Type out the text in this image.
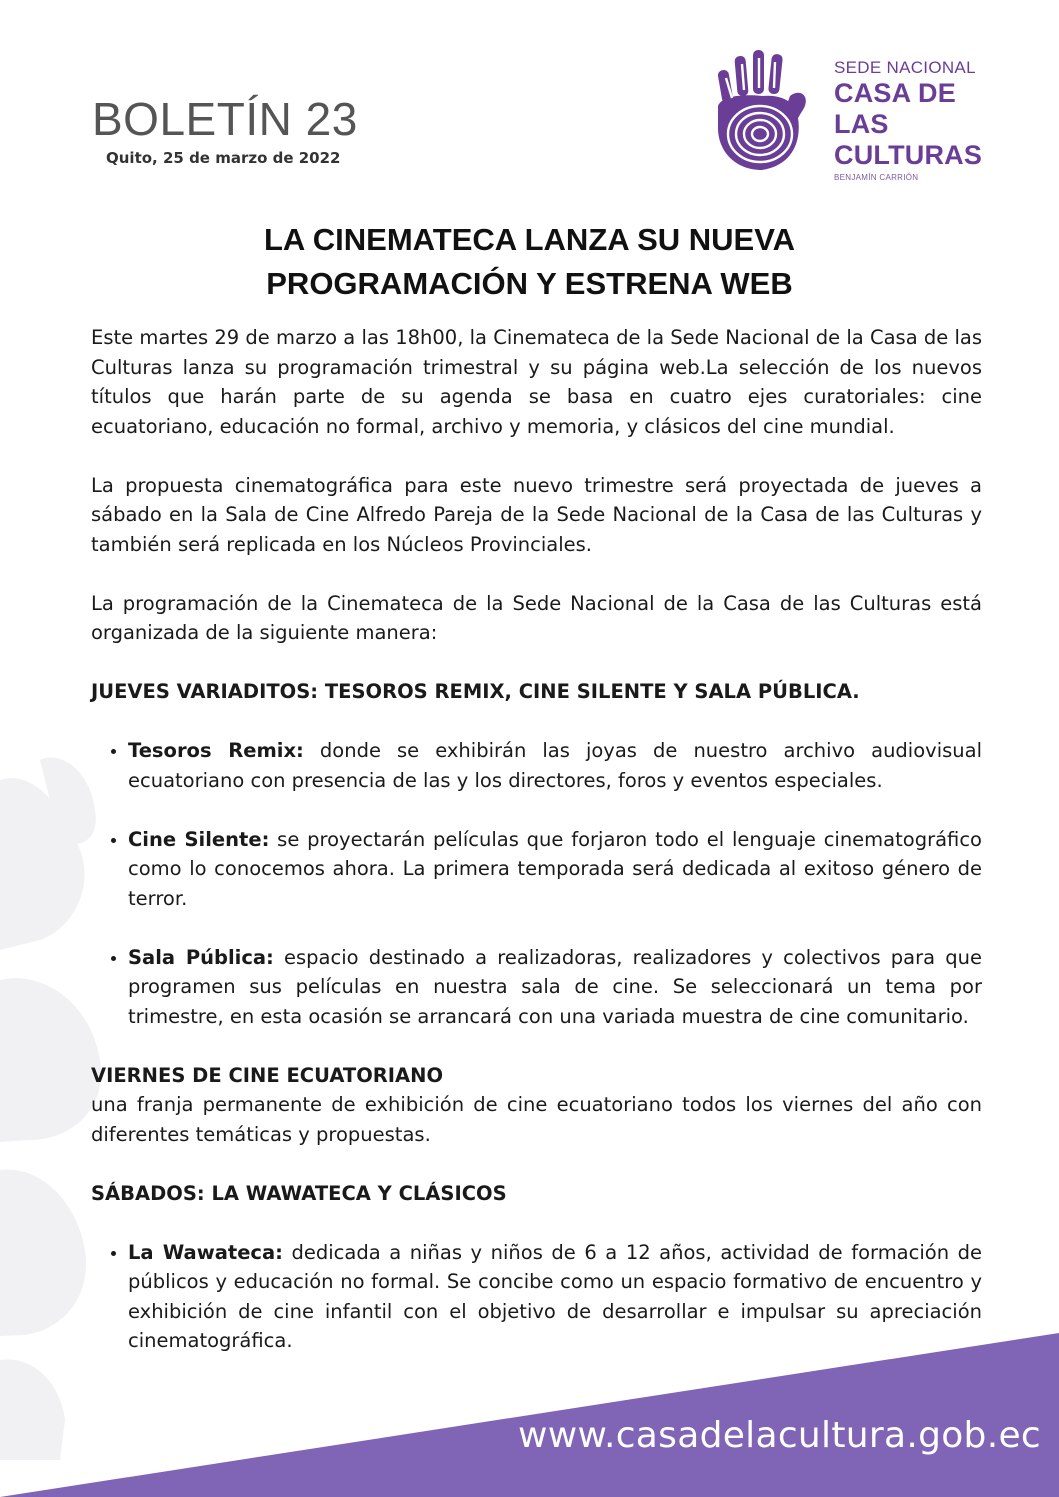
BOLETÍN 23
Quito, 25 de marzo de 2022
SEDE NACIONAL
CASA DE LAS
CULTURAS
BENJAMÍN CARRIÓN
LA CINEMATECA LANZA SU NUEVA
PROGRAMACIÓN Y ESTRENA WEB

Este martes 29 de marzo a las 18h00, la Cinemateca de la Sede Nacional de la Casa de las Culturas lanza su programación trimestral y su página web.La selección de los nuevos títulos que harán parte de su agenda se basa en cuatro ejes curatoriales: cine ecuatoriano, educación no formal, archivo y memoria, y clásicos del cine mundial.

La propuesta cinematográfica para este nuevo trimestre será proyectada de jueves a sábado en la Sala de Cine Alfredo Pareja de la Sede Nacional de la Casa de las Culturas y también será replicada en los Núcleos Provinciales.

La programación de la Cinemateca de la Sede Nacional de la Casa de las Culturas está organizada de la siguiente manera:

JUEVES VARIADITOS: TESOROS REMIX, CINE SILENTE Y SALA PÚBLICA.

• Tesoros Remix: donde se exhibirán las joyas de nuestro archivo audiovisual ecuatoriano con presencia de las y los directores, foros y eventos especiales.
• Cine Silente: se proyectarán películas que forjaron todo el lenguaje cinematográfico como lo conocemos ahora. La primera temporada será dedicada al exitoso género de terror.
• Sala Pública: espacio destinado a realizadoras, realizadores y colectivos para que programen sus películas en nuestra sala de cine. Se seleccionará un tema por trimestre, en esta ocasión se arrancará con una variada muestra de cine comunitario.

VIERNES DE CINE ECUATORIANO

una franja permanente de exhibición de cine ecuatoriano todos los viernes del año con diferentes temáticas y propuestas.

SÁBADOS: LA WAWATECA Y CLÁSICOS

• La Wawateca: dedicada a niñas y niños de 6 a 12 años, actividad de formación de públicos y educación no formal. Se concibe como un espacio formativo de encuentro y exhibición de cine infantil con el objetivo de desarrollar e impulsar su apreciación cinematográfica.
www.casadelacultura.gob.ec
